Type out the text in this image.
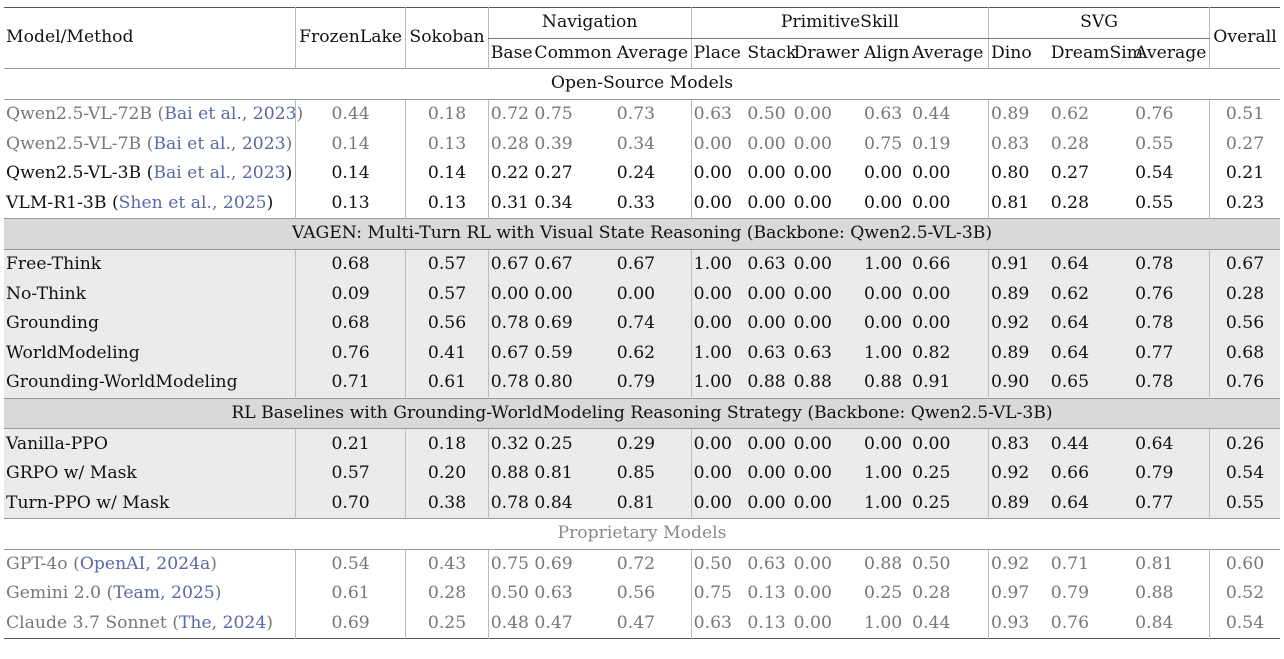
Model/Method	FrozenLake	Sokoban	Navigation			PrimitiveSkill					SVG			Overall
			Base	Common	Average	Place	Stack	Drawer	Align	Average	Dino	DreamSim	Average	
Open-Source Models														
Qwen2.5-VL-72B (Bai et al., 2023)	0.44	0.18	0.72	0.75	0.73	0.63	0.50	0.00	0.63	0.44	0.89	0.62	0.76	0.51
Qwen2.5-VL-7B (Bai et al., 2023)	0.14	0.13	0.28	0.39	0.34	0.00	0.00	0.00	0.75	0.19	0.83	0.28	0.55	0.27
Qwen2.5-VL-3B (Bai et al., 2023)	0.14	0.14	0.22	0.27	0.24	0.00	0.00	0.00	0.00	0.00	0.80	0.27	0.54	0.21
VLM-R1-3B (Shen et al., 2025)	0.13	0.13	0.31	0.34	0.33	0.00	0.00	0.00	0.00	0.00	0.81	0.28	0.55	0.23
VAGEN: Multi-Turn RL with Visual State Reasoning (Backbone: Qwen2.5-VL-3B)														
Free-Think	0.68	0.57	0.67	0.67	0.67	1.00	0.63	0.00	1.00	0.66	0.91	0.64	0.78	0.67
No-Think	0.09	0.57	0.00	0.00	0.00	0.00	0.00	0.00	0.00	0.00	0.89	0.62	0.76	0.28
Grounding	0.68	0.56	0.78	0.69	0.74	0.00	0.00	0.00	0.00	0.00	0.92	0.64	0.78	0.56
WorldModeling	0.76	0.41	0.67	0.59	0.62	1.00	0.63	0.63	1.00	0.82	0.89	0.64	0.77	0.68
Grounding-WorldModeling	0.71	0.61	0.78	0.80	0.79	1.00	0.88	0.88	0.88	0.91	0.90	0.65	0.78	0.76
RL Baselines with Grounding-WorldModeling Reasoning Strategy (Backbone: Qwen2.5-VL-3B)														
Vanilla-PPO	0.21	0.18	0.32	0.25	0.29	0.00	0.00	0.00	0.00	0.00	0.83	0.44	0.64	0.26
GRPO w/ Mask	0.57	0.20	0.88	0.81	0.85	0.00	0.00	0.00	1.00	0.25	0.92	0.66	0.79	0.54
Turn-PPO w/ Mask	0.70	0.38	0.78	0.84	0.81	0.00	0.00	0.00	1.00	0.25	0.89	0.64	0.77	0.55
Proprietary Models														
GPT-4o (OpenAI, 2024a)	0.54	0.43	0.75	0.69	0.72	0.50	0.63	0.00	0.88	0.50	0.92	0.71	0.81	0.60
Gemini 2.0 (Team, 2025)	0.61	0.28	0.50	0.63	0.56	0.75	0.13	0.00	0.25	0.28	0.97	0.79	0.88	0.52
Claude 3.7 Sonnet (The, 2024)	0.69	0.25	0.48	0.47	0.47	0.63	0.13	0.00	1.00	0.44	0.93	0.76	0.84	0.54
